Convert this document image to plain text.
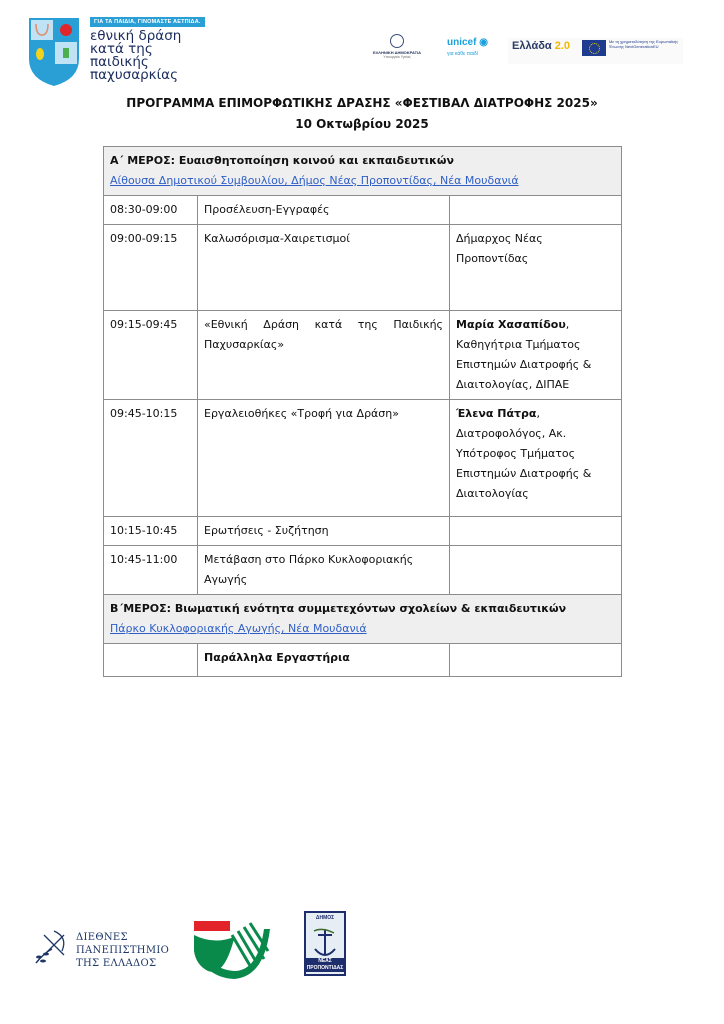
ΓΙΑ ΤΑ ΠΑΙΔΙΑ, ΓΙΝΟΜΑΣΤΕ ΑΕΤΠΙΔΑ.
εθνική δράση
κατά της
παιδικής
παχυσαρκίας
ΕΛΛΗΝΙΚΗ ΔΗΜΟΚΡΑΤΙΑ
Υπουργείο Υγείας
unicef ◉
για κάθε παιδί
Ελλάδα 2.0	Με τη χρηματοδότηση της Ευρωπαϊκής Ένωσης NextGenerationEU
ΠΡΟΓΡΑΜΜΑ ΕΠΙΜΟΡΦΩΤΙΚΗΣ ΔΡΑΣΗΣ «ΦΕΣΤΙΒΑΛ ΔΙΑΤΡΟΦΗΣ 2025»
10 Οκτωβρίου 2025
Α΄ ΜΕΡΟΣ: Ευαισθητοποίηση κοινού και εκπαιδευτικών
Αίθουσα Δημοτικού Συμβουλίου, Δήμος Νέας Προποντίδας, Νέα Μουδανιά		
08:30-09:00	Προσέλευση-Εγγραφές	
09:00-09:15	Καλωσόρισμα-Χαιρετισμοί	Δήμαρχος Νέας Προποντίδας
09:15-09:45	«Εθνική Δράση κατά της Παιδικής Παχυσαρκίας»	Μαρία Χασαπίδου, Καθηγήτρια Τμήματος Επιστημών Διατροφής & Διαιτολογίας, ΔΙΠΑΕ
09:45-10:15	Εργαλειοθήκες «Τροφή για Δράση»	Έλενα Πάτρα, Διατροφολόγος, Ακ. Υπότροφος Τμήματος Επιστημών Διατροφής & Διαιτολογίας
10:15-10:45	Ερωτήσεις - Συζήτηση	
10:45-11:00	Μετάβαση στο Πάρκο Κυκλοφοριακής Αγωγής	

Β΄ΜΕΡΟΣ: Βιωματική ενότητα συμμετεχόντων σχολείων & εκπαιδευτικών
Πάρκο Κυκλοφοριακής Αγωγής, Νέα Μουδανιά		
	Παράλληλα Εργαστήρια	
ΔΙΕΘΝΕΣ
ΠΑΝΕΠΙΣΤΗΜΙΟ
ΤΗΣ ΕΛΛΑΔΟΣ
ΔΗΜΟΣ
ΝΕΑΣ ΠΡΟΠΟΝΤΙΔΑΣ
